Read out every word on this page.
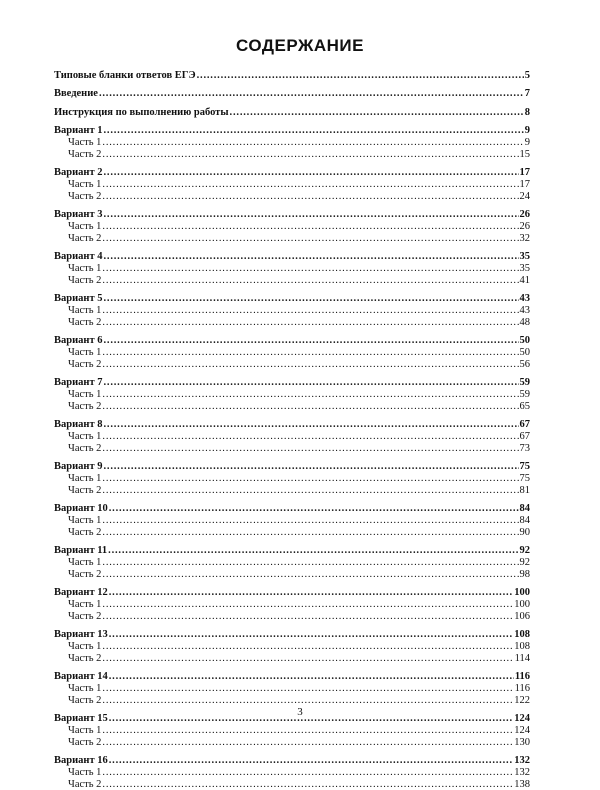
СОДЕРЖАНИЕ
Типовые бланки ответов ЕГЭ .....	5
Введение .....	7
Инструкция по выполнению работы .....	8
Вариант 1 .....	9
Часть 1 .....	9
Часть 2 .....	15
Вариант 2 .....	17
Часть 1 .....	17
Часть 2 .....	24
Вариант 3 .....	26
Часть 1 .....	26
Часть 2 .....	32
Вариант 4 .....	35
Часть 1 .....	35
Часть 2 .....	41
Вариант 5 .....	43
Часть 1 .....	43
Часть 2 .....	48
Вариант 6 .....	50
Часть 1 .....	50
Часть 2 .....	56
Вариант 7 .....	59
Часть 1 .....	59
Часть 2 .....	65
Вариант 8 .....	67
Часть 1 .....	67
Часть 2 .....	73
Вариант 9 .....	75
Часть 1 .....	75
Часть 2 .....	81
Вариант 10 .....	84
Часть 1 .....	84
Часть 2 .....	90
Вариант 11 .....	92
Часть 1 .....	92
Часть 2 .....	98
Вариант 12 .....	100
Часть 1 .....	100
Часть 2 .....	106
Вариант 13 .....	108
Часть 1 .....	108
Часть 2 .....	114
Вариант 14 .....	116
Часть 1 .....	116
Часть 2 .....	122
Вариант 15 .....	124
Часть 1 .....	124
Часть 2 .....	130
Вариант 16 .....	132
Часть 1 .....	132
Часть 2 .....	138
3
